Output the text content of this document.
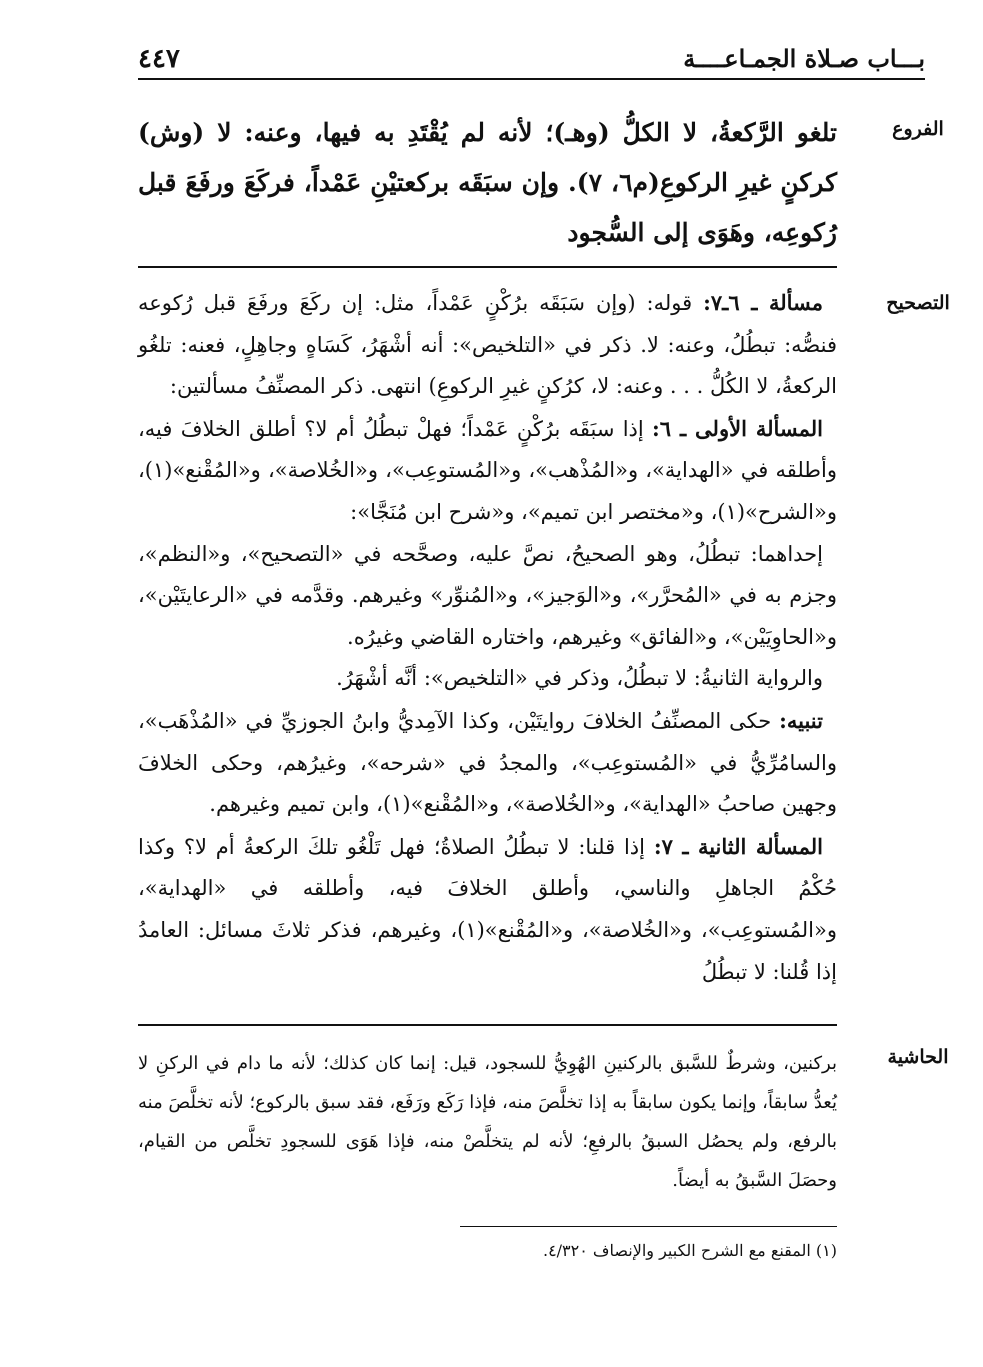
بـــاب صـلاة الجمـاعــــة
٤٤٧
الفروع

تلغو الرَّكعةُ، لا الكلُّ (وهـ)؛ لأنه لم يُقْتَدِ به فيها، وعنه: لا (وش) كركنٍ غيرِ الركوعِ(م٦، ٧). وإن سبَقَه بركعتيْنِ عَمْداً، فركَعَ ورفَعَ قبل رُكوعِه، وهَوَى إلى السُّجود

التصحيح

مسألة ـ ٦ـ٧: قوله: (وإن سَبَقَه برُكْنٍ عَمْداً، مثل: إن ركَعَ ورفَعَ قبل رُكوعه فنصُّه: تبطُلُ، وعنه: لا. ذكر في «التلخيص»: أنه أشْهَرُ، كَسَاهٍ وجاهِلٍ، فعنه: تلغُو الركعةُ، لا الكُلُّ . . . وعنه: لا، كرُكنٍ غيرِ الركوعِ) انتهى. ذكر المصنِّفُ مسألتين:

المسألة الأولى ـ ٦: إذا سبَقَه برُكْنٍ عَمْداً؛ فهلْ تبطُلُ أم لا؟ أطلق الخلافَ فيه، وأطلقه في «الهداية»، و«المُذْهب»، و«المُستوعِب»، و«الخُلاصة»، و«المُقْنع»(١)، و«الشرح»(١)، و«مختصر ابن تميم»، و«شرح ابن مُنَجَّا»:

إحداهما: تبطُلُ، وهو الصحيحُ، نصَّ عليه، وصحَّحه في «التصحيح»، و«النظم»، وجزم به في «المُحرَّر»، و«الوَجيز»، و«المُنوِّر» وغيرهم. وقدَّمه في «الرعايتَيْن»، و«الحاوِيَيْن»، و«الفائق» وغيرهم، واختاره القاضي وغيرُه.

والرواية الثانيةُ: لا تبطُلُ، وذكر في «التلخيص»: أنَّه أشْهَرُ.

تنبيه: حكى المصنِّفُ الخلافَ روايتَيْن، وكذا الآمِديُّ وابنُ الجوزيِّ في «المُذْهَب»، والسامُرِّيُّ في «المُستوعِب»، والمجدُ في «شرحه»، وغيرُهم، وحكى الخلافَ وجهين صاحبُ «الهداية»، و«الخُلاصة»، و«المُقْنع»(١)، وابن تميم وغيرهم.

المسألة الثانية ـ ٧: إذا قلنا: لا تبطُلُ الصلاةُ؛ فهل تَلْغُو تلكَ الركعةُ أم لا؟ وكذا حُكْمُ الجاهلِ والناسي، وأطلق الخلافَ فيه، وأطلقه في «الهداية»، و«المُستوعِب»، و«الخُلاصة»، و«المُقْنع»(١)، وغيرهم، فذكر ثلاثَ مسائل: العامدُ إذا قُلنا: لا تبطُلُ

الحاشية

بركنين، وشرطٌ للسَّبق بالركنينِ الهُوِيُّ للسجود، قيل: إنما كان كذلك؛ لأنه ما دام في الركنِ لا يُعدُّ سابقاً، وإنما يكون سابقاً به إذا تخلَّصَ منه، فإذا رَكَع ورَفَع، فقد سبق بالركوع؛ لأنه تخلَّصَ منه بالرفع، ولم يحصُل السبقُ بالرفعِ؛ لأنه لم يتخلَّصْ منه، فإذا هَوَى للسجودِ تخلَّص من القيام، وحصَلَ السَّبقُ به أيضاً.

(١) المقنع مع الشرح الكبير والإنصاف ٤/٣٢٠.
